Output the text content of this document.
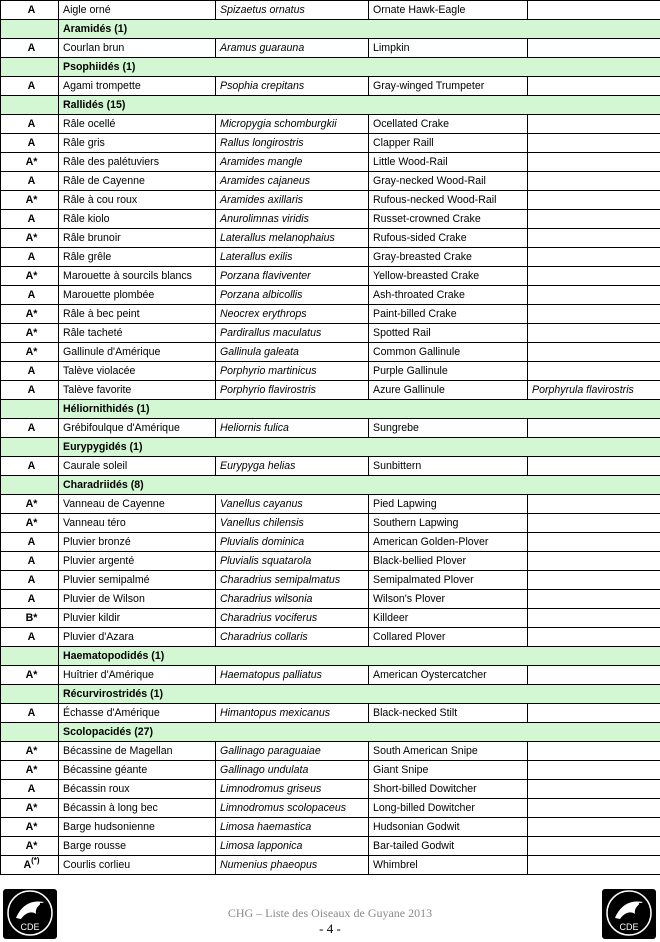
A	Aigle orné	Spizaetus ornatus	Ornate Hawk-Eagle	
	Aramidés (1)			
A	Courlan brun	Aramus guarauna	Limpkin	
	Psophiidés (1)			
A	Agami trompette	Psophia crepitans	Gray-winged Trumpeter	
	Rallidés (15)			
A	Râle ocellé	Micropygia schomburgkii	Ocellated Crake	
A	Râle gris	Rallus longirostris	Clapper Raill	
A*	Râle des palétuviers	Aramides mangle	Little Wood-Rail	
A	Râle de Cayenne	Aramides cajaneus	Gray-necked Wood-Rail	
A*	Râle à cou roux	Aramides axillaris	Rufous-necked Wood-Rail	
A	Râle kiolo	Anurolimnas viridis	Russet-crowned Crake	
A*	Râle brunoir	Laterallus melanophaius	Rufous-sided Crake	
A	Râle grêle	Laterallus exilis	Gray-breasted Crake	
A*	Marouette à sourcils blancs	Porzana flaviventer	Yellow-breasted Crake	
A	Marouette plombée	Porzana albicollis	Ash-throated Crake	
A*	Râle à bec peint	Neocrex erythrops	Paint-billed Crake	
A*	Râle tacheté	Pardirallus maculatus	Spotted Rail	
A*	Gallinule d'Amérique	Gallinula galeata	Common Gallinule	
A	Talève violacée	Porphyrio martinicus	Purple Gallinule	
A	Talève favorite	Porphyrio flavirostris	Azure Gallinule	Porphyrula flavirostris
	Héliornithidés (1)			
A	Grébifoulque d'Amérique	Heliornis fulica	Sungrebe	
	Eurypygidés (1)			
A	Caurale soleil	Eurypyga helias	Sunbittern	
	Charadriidés (8)			
A*	Vanneau de Cayenne	Vanellus cayanus	Pied Lapwing	
A*	Vanneau téro	Vanellus chilensis	Southern Lapwing	
A	Pluvier bronzé	Pluvialis dominica	American Golden-Plover	
A	Pluvier argenté	Pluvialis squatarola	Black-bellied Plover	
A	Pluvier semipalmé	Charadrius semipalmatus	Semipalmated Plover	
A	Pluvier de Wilson	Charadrius wilsonia	Wilson's Plover	
B*	Pluvier kildir	Charadrius vociferus	Killdeer	
A	Pluvier d'Azara	Charadrius collaris	Collared Plover	
	Haematopodidés (1)			
A*	Huîtrier d'Amérique	Haematopus palliatus	American Oystercatcher	
	Récurvirostridés (1)			
A	Échasse d'Amérique	Himantopus mexicanus	Black-necked Stilt	
	Scolopacidés (27)			
A*	Bécassine de Magellan	Gallinago paraguaiae	South American Snipe	
A*	Bécassine géante	Gallinago undulata	Giant Snipe	
A	Bécassin roux	Limnodromus griseus	Short-billed Dowitcher	
A*	Bécassin à long bec	Limnodromus scolopaceus	Long-billed Dowitcher	
A*	Barge hudsonienne	Limosa haemastica	Hudsonian Godwit	
A*	Barge rousse	Limosa lapponica	Bar-tailed Godwit	
A(*)	Courlis corlieu	Numenius phaeopus	Whimbrel	
CDE	CDE
CHG – Liste des Oiseaux de Guyane 2013
- 4 -
